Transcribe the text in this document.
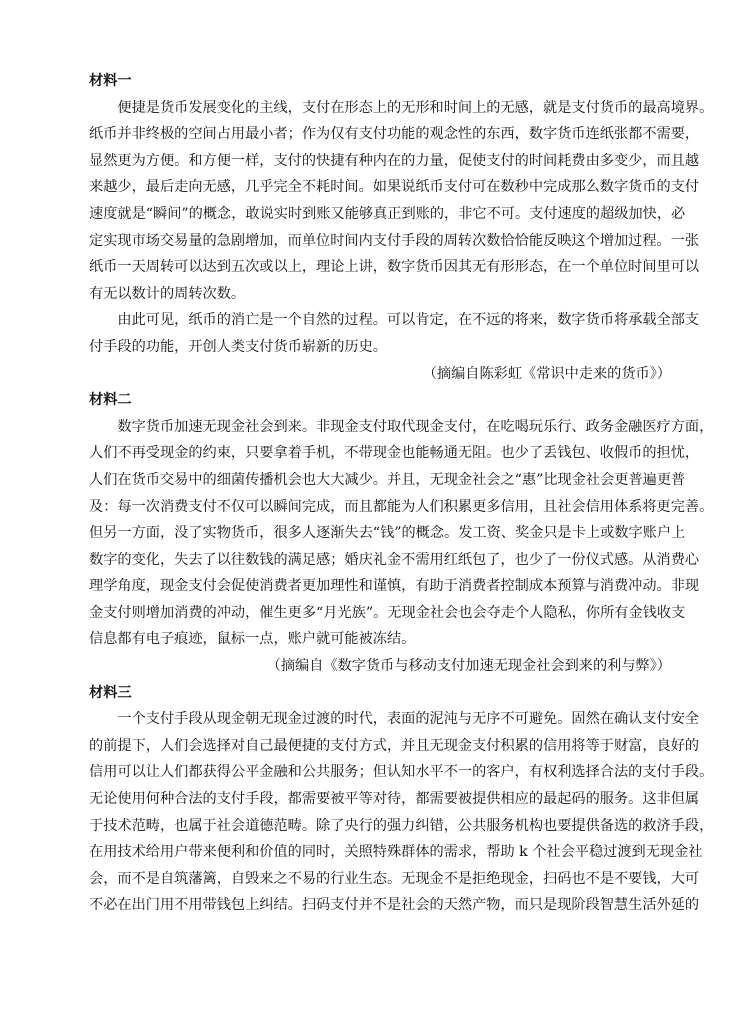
材料一
　　便捷是货币发展变化的主线，支付在形态上的无形和时间上的无感，就是支付货币的最高境界。
纸币并非终极的空间占用最小者；作为仅有支付功能的观念性的东西，数字货币连纸张都不需要，
显然更为方便。和方便一样，支付的快捷有种内在的力量，促使支付的时间耗费由多变少，而且越
来越少，最后走向无感，几乎完全不耗时间。如果说纸币支付可在数秒中完成那么数字货币的支付
速度就是“瞬间”的概念，敢说实时到账又能够真正到账的，非它不可。支付速度的超级加快，必
定实现市场交易量的急剧增加，而单位时间内支付手段的周转次数恰恰能反映这个增加过程。一张
纸币一天周转可以达到五次或以上，理论上讲，数字货币因其无有形形态，在一个单位时间里可以
有无以数计的周转次数。
　　由此可见，纸币的消亡是一个自然的过程。可以肯定，在不远的将来，数字货币将承载全部支
付手段的功能，开创人类支付货币崭新的历史。
（摘编自陈彩虹《常识中走来的货币》）
材料二
　　数字货币加速无现金社会到来。非现金支付取代现金支付，在吃喝玩乐行、政务金融医疗方面，
人们不再受现金的约束，只要拿着手机，不带现金也能畅通无阻。也少了丢钱包、收假币的担忧，
人们在货币交易中的细菌传播机会也大大减少。并且，无现金社会之“惠”比现金社会更普遍更普
及：每一次消费支付不仅可以瞬间完成，而且都能为人们积累更多信用，且社会信用体系将更完善。
但另一方面，没了实物货币，很多人逐渐失去“钱”的概念。发工资、奖金只是卡上或数字账户上
数字的变化，失去了以往数钱的满足感；婚庆礼金不需用红纸包了，也少了一份仪式感。从消费心
理学角度，现金支付会促使消费者更加理性和谨慎，有助于消费者控制成本预算与消费冲动。非现
金支付则增加消费的冲动，催生更多“月光族”。无现金社会也会夺走个人隐私，你所有金钱收支
信息都有电子痕迹，鼠标一点，账户就可能被冻结。
（摘编自《数字货币与移动支付加速无现金社会到来的利与弊》）
材料三
　　一个支付手段从现金朝无现金过渡的时代，表面的泥沌与无序不可避免。固然在确认支付安全
的前提下，人们会选择对自己最便捷的支付方式，并且无现金支付积累的信用将等于财富，良好的
信用可以让人们都获得公平金融和公共服务；但认知水平不一的客户，有权利选择合法的支付手段。
无论使用何种合法的支付手段，都需要被平等对待，都需要被提供相应的最起码的服务。这非但属
于技术范畴，也属于社会道德范畴。除了央行的强力纠错，公共服务机构也要提供备选的救济手段，
在用技术给用户带来便利和价值的同时，关照特殊群体的需求，帮助 k 个社会平稳过渡到无现金社
会，而不是自筑藩篱，自毁来之不易的行业生态。无现金不是拒绝现金，扫码也不是不要钱，大可
不必在出门用不用带钱包上纠结。扫码支付并不是社会的天然产物，而只是现阶段智慧生活外延的
